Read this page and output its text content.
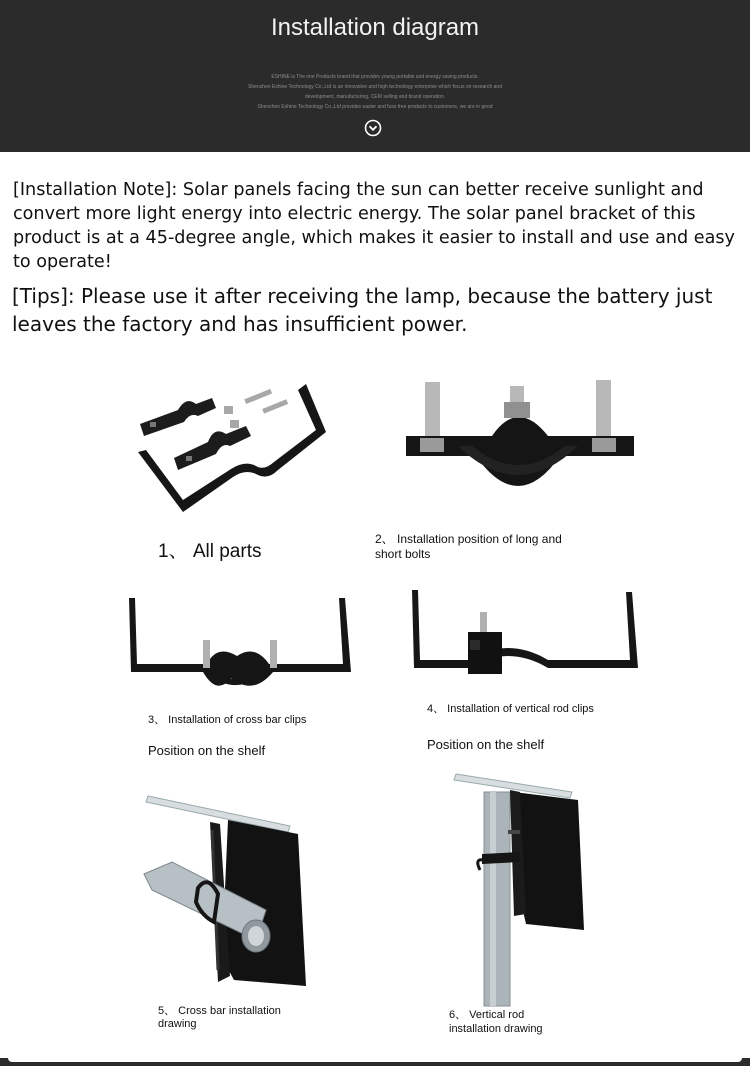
Installation diagram
ESHINE is The one Products brand that provides young portable and energy saving products.
Shenzhen Eshine Technology Co.,Ltd is an innovative and high technology enterprise which focus on research and
development, manufacturing, CEM selling and brand operation.
Shenzhen Eshine Technology Co.,Ltd provides easier and fuss free products to customers, we are in good
[Installation Note]: Solar panels facing the sun can better receive sunlight and convert more light energy into electric energy. The solar panel bracket of this product is at a 45-degree angle, which makes it easier to install and use and easy to operate!
[Tips]: Please use it after receiving the lamp, because the battery just leaves the factory and has insufficient power.
1、 All parts
2、 Installation position of long and short bolts
3、 Installation of cross bar clips
Position on the shelf
4、 Installation of vertical rod clips
Position on the shelf
5、 Cross bar installation drawing
6、 Vertical rod installation drawing
